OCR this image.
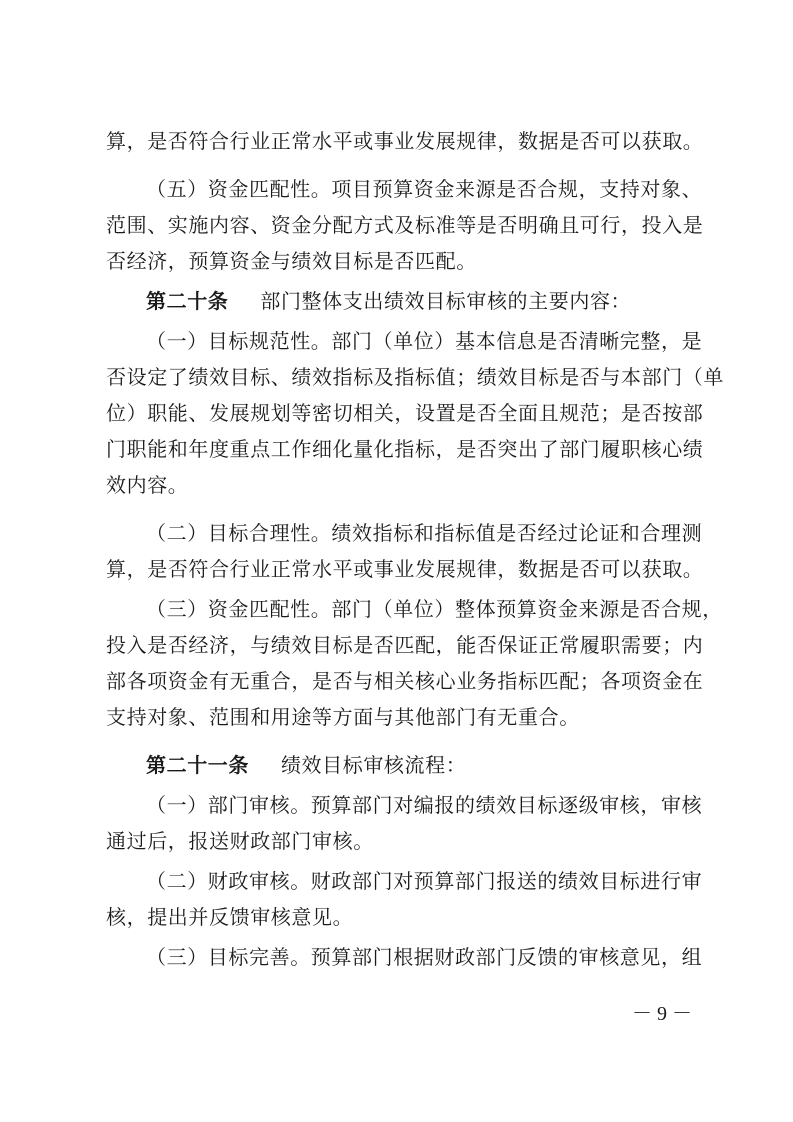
算，是否符合行业正常水平或事业发展规律，数据是否可以获取。
（五）资金匹配性。项目预算资金来源是否合规，支持对象、
范围、实施内容、资金分配方式及标准等是否明确且可行，投入是
否经济，预算资金与绩效目标是否匹配。
第二十条 部门整体支出绩效目标审核的主要内容：
（一）目标规范性。部门（单位）基本信息是否清晰完整，是
否设定了绩效目标、绩效指标及指标值；绩效目标是否与本部门（单
位）职能、发展规划等密切相关，设置是否全面且规范；是否按部
门职能和年度重点工作细化量化指标，是否突出了部门履职核心绩
效内容。
（二）目标合理性。绩效指标和指标值是否经过论证和合理测
算，是否符合行业正常水平或事业发展规律，数据是否可以获取。
（三）资金匹配性。部门（单位）整体预算资金来源是否合规，
投入是否经济，与绩效目标是否匹配，能否保证正常履职需要；内
部各项资金有无重合，是否与相关核心业务指标匹配；各项资金在
支持对象、范围和用途等方面与其他部门有无重合。
第二十一条 绩效目标审核流程：
（一）部门审核。预算部门对编报的绩效目标逐级审核，审核
通过后，报送财政部门审核。
（二）财政审核。财政部门对预算部门报送的绩效目标进行审
核，提出并反馈审核意见。
（三）目标完善。预算部门根据财政部门反馈的审核意见，组
－ 9 －
